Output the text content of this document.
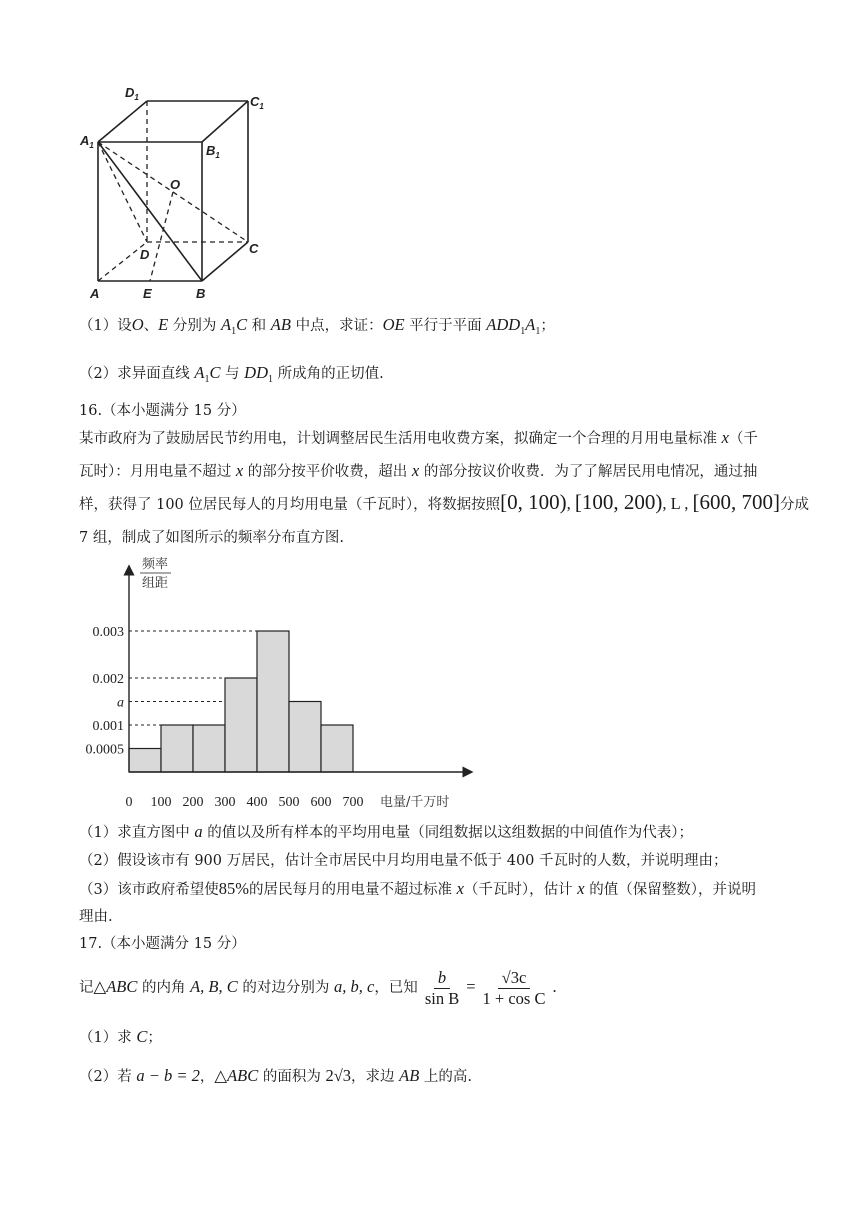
$D_1$	$C_1$
$A_1$	$B_1$
O
D	C
A	E	B
（1）设O、E 分别为 $A_1C$ 和 AB 中点，求证：OE 平行于平面 $ADD_1A_1$；
（2）求异面直线 $A_1C$ 与 $DD_1$ 所成角的正切值.
16.（本小题满分 15 分）
某市政府为了鼓励居民节约用电，计划调整居民生活用电收费方案，拟确定一个合理的月用电量标准 x（千
瓦时）：月用电量不超过 x 的部分按平价收费，超出 x 的部分按议价收费．为了了解居民用电情况，通过抽
样，获得了 100 位居民每人的月均用电量（千瓦时），将数据按照[0, 100), [100, 200), L , [600, 700]分成
7 组，制成了如图所示的频率分布直方图.
频率
组距
0.0005
0.001
a
0.002
0.003
0 100 200 300 400 500 600 700 电量/千万时
（1）求直方图中 a 的值以及所有样本的平均用电量（同组数据以这组数据的中间值作为代表）；
（2）假设该市有 900 万居民，估计全市居民中月均用电量不低于 400 千瓦时的人数，并说明理由；
（3）该市政府希望使85%的居民每月的用电量不超过标准 x（千瓦时），估计 x 的值（保留整数），并说明
理由.
17.（本小题满分 15 分）
记△ABC 的内角 A, B, C 的对边分别为 a, b, c，已知 $\frac{b}{\text{sin B}} = \frac{√3c}{\text{1 + cos C}}$ .
（1）求 C；
（2）若 a − b = 2，△ABC 的面积为 2√3，求边 AB 上的高.
